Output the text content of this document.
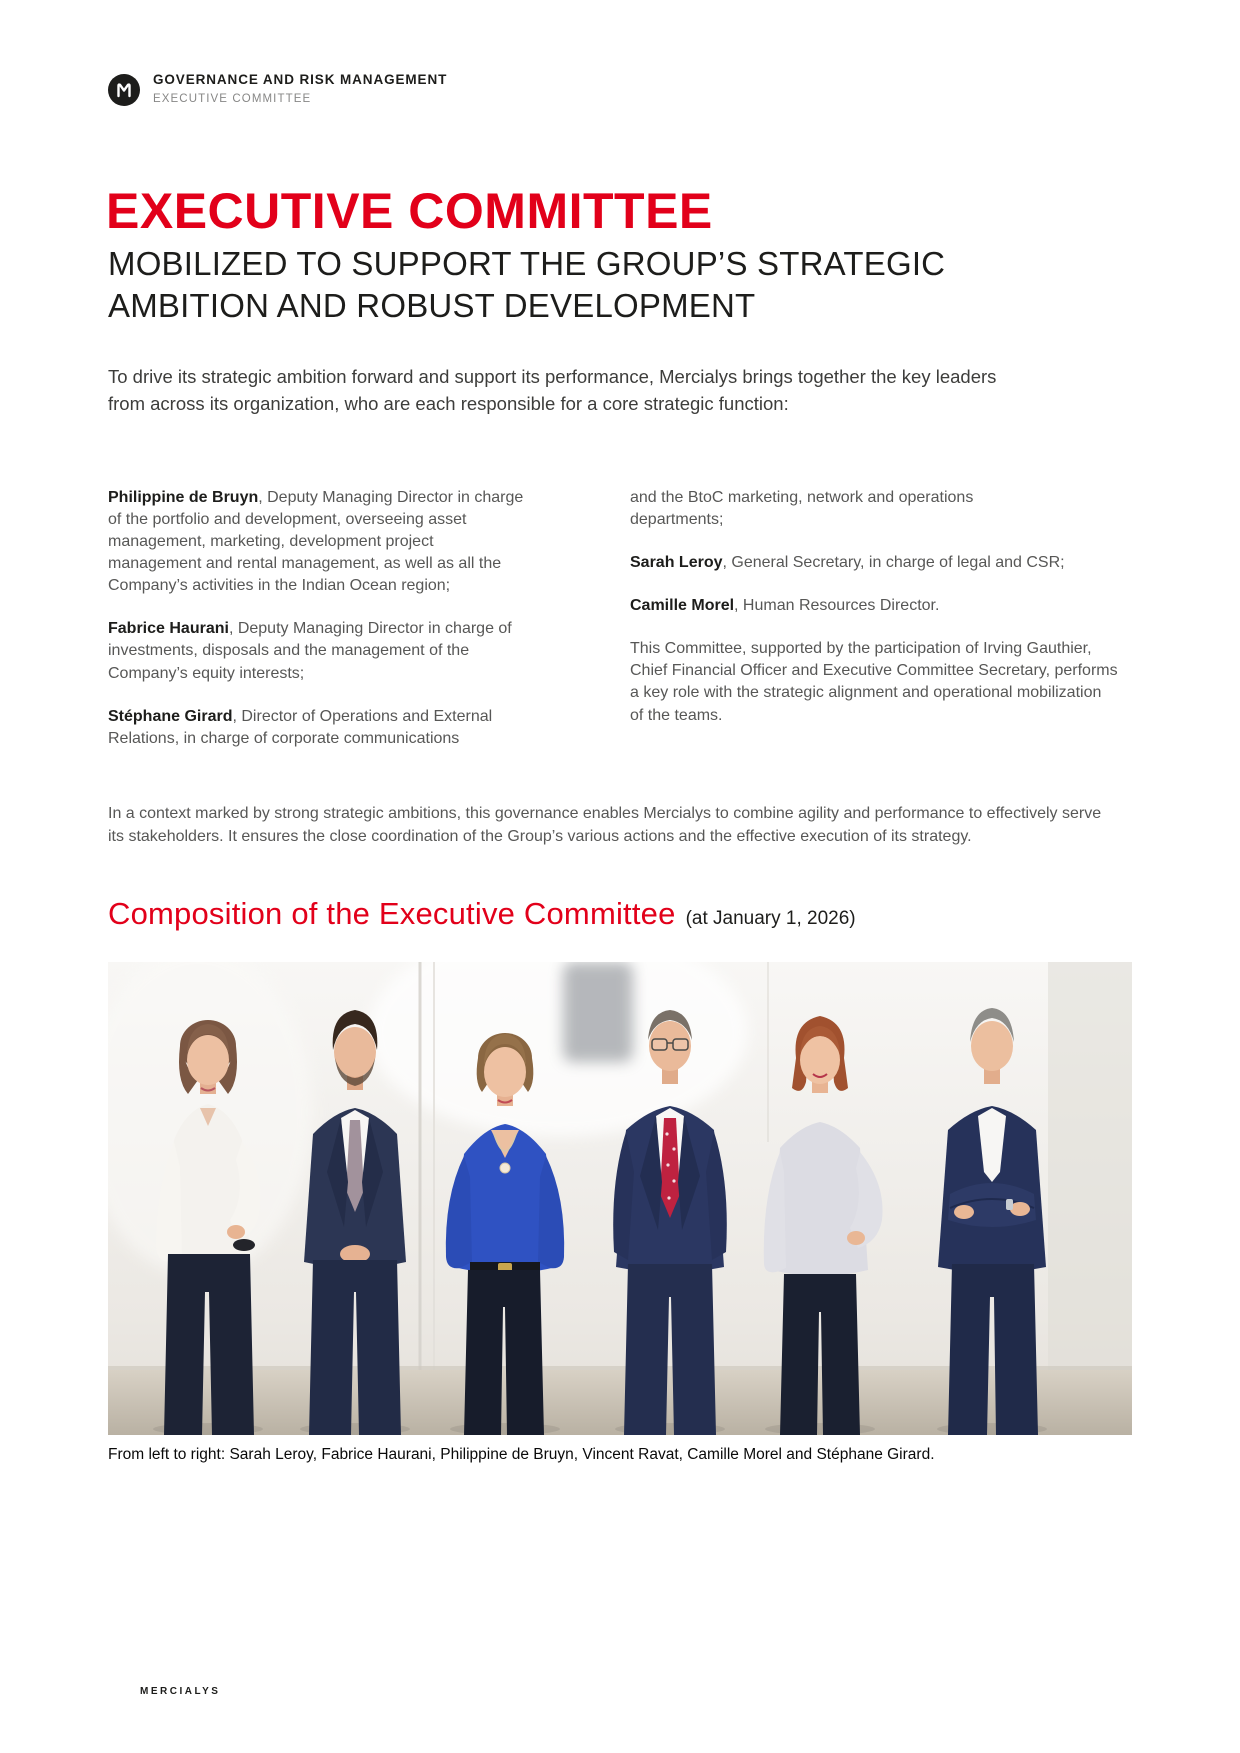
GOVERNANCE AND RISK MANAGEMENT
EXECUTIVE COMMITTEE
EXECUTIVE COMMITTEE
MOBILIZED TO SUPPORT THE GROUP’S STRATEGIC AMBITION AND ROBUST DEVELOPMENT

To drive its strategic ambition forward and support its performance, Mercialys brings together the key leaders from across its organization, who are each responsible for a core strategic function:

Philippine de Bruyn, Deputy Managing Director in charge of the portfolio and development, overseeing asset management, marketing, development project management and rental management, as well as all the Company’s activities in the Indian Ocean region;

Fabrice Haurani, Deputy Managing Director in charge of investments, disposals and the management of the Company’s equity interests;

Stéphane Girard, Director of Operations and External Relations, in charge of corporate communications

and the BtoC marketing, network and operations departments;

Sarah Leroy, General Secretary, in charge of legal and CSR;

Camille Morel, Human Resources Director.

This Committee, supported by the participation of Irving Gauthier, Chief Financial Officer and Executive Committee Secretary, performs a key role with the strategic alignment and operational mobilization of the teams.

In a context marked by strong strategic ambitions, this governance enables Mercialys to combine agility and performance to effectively serve its stakeholders. It ensures the close coordination of the Group’s various actions and the effective execution of its strategy.

Composition of the Executive Committee (at January 1, 2026)

From left to right: Sarah Leroy, Fabrice Haurani, Philippine de Bruyn, Vincent Ravat, Camille Morel and Stéphane Girard.

MERCIALYS
